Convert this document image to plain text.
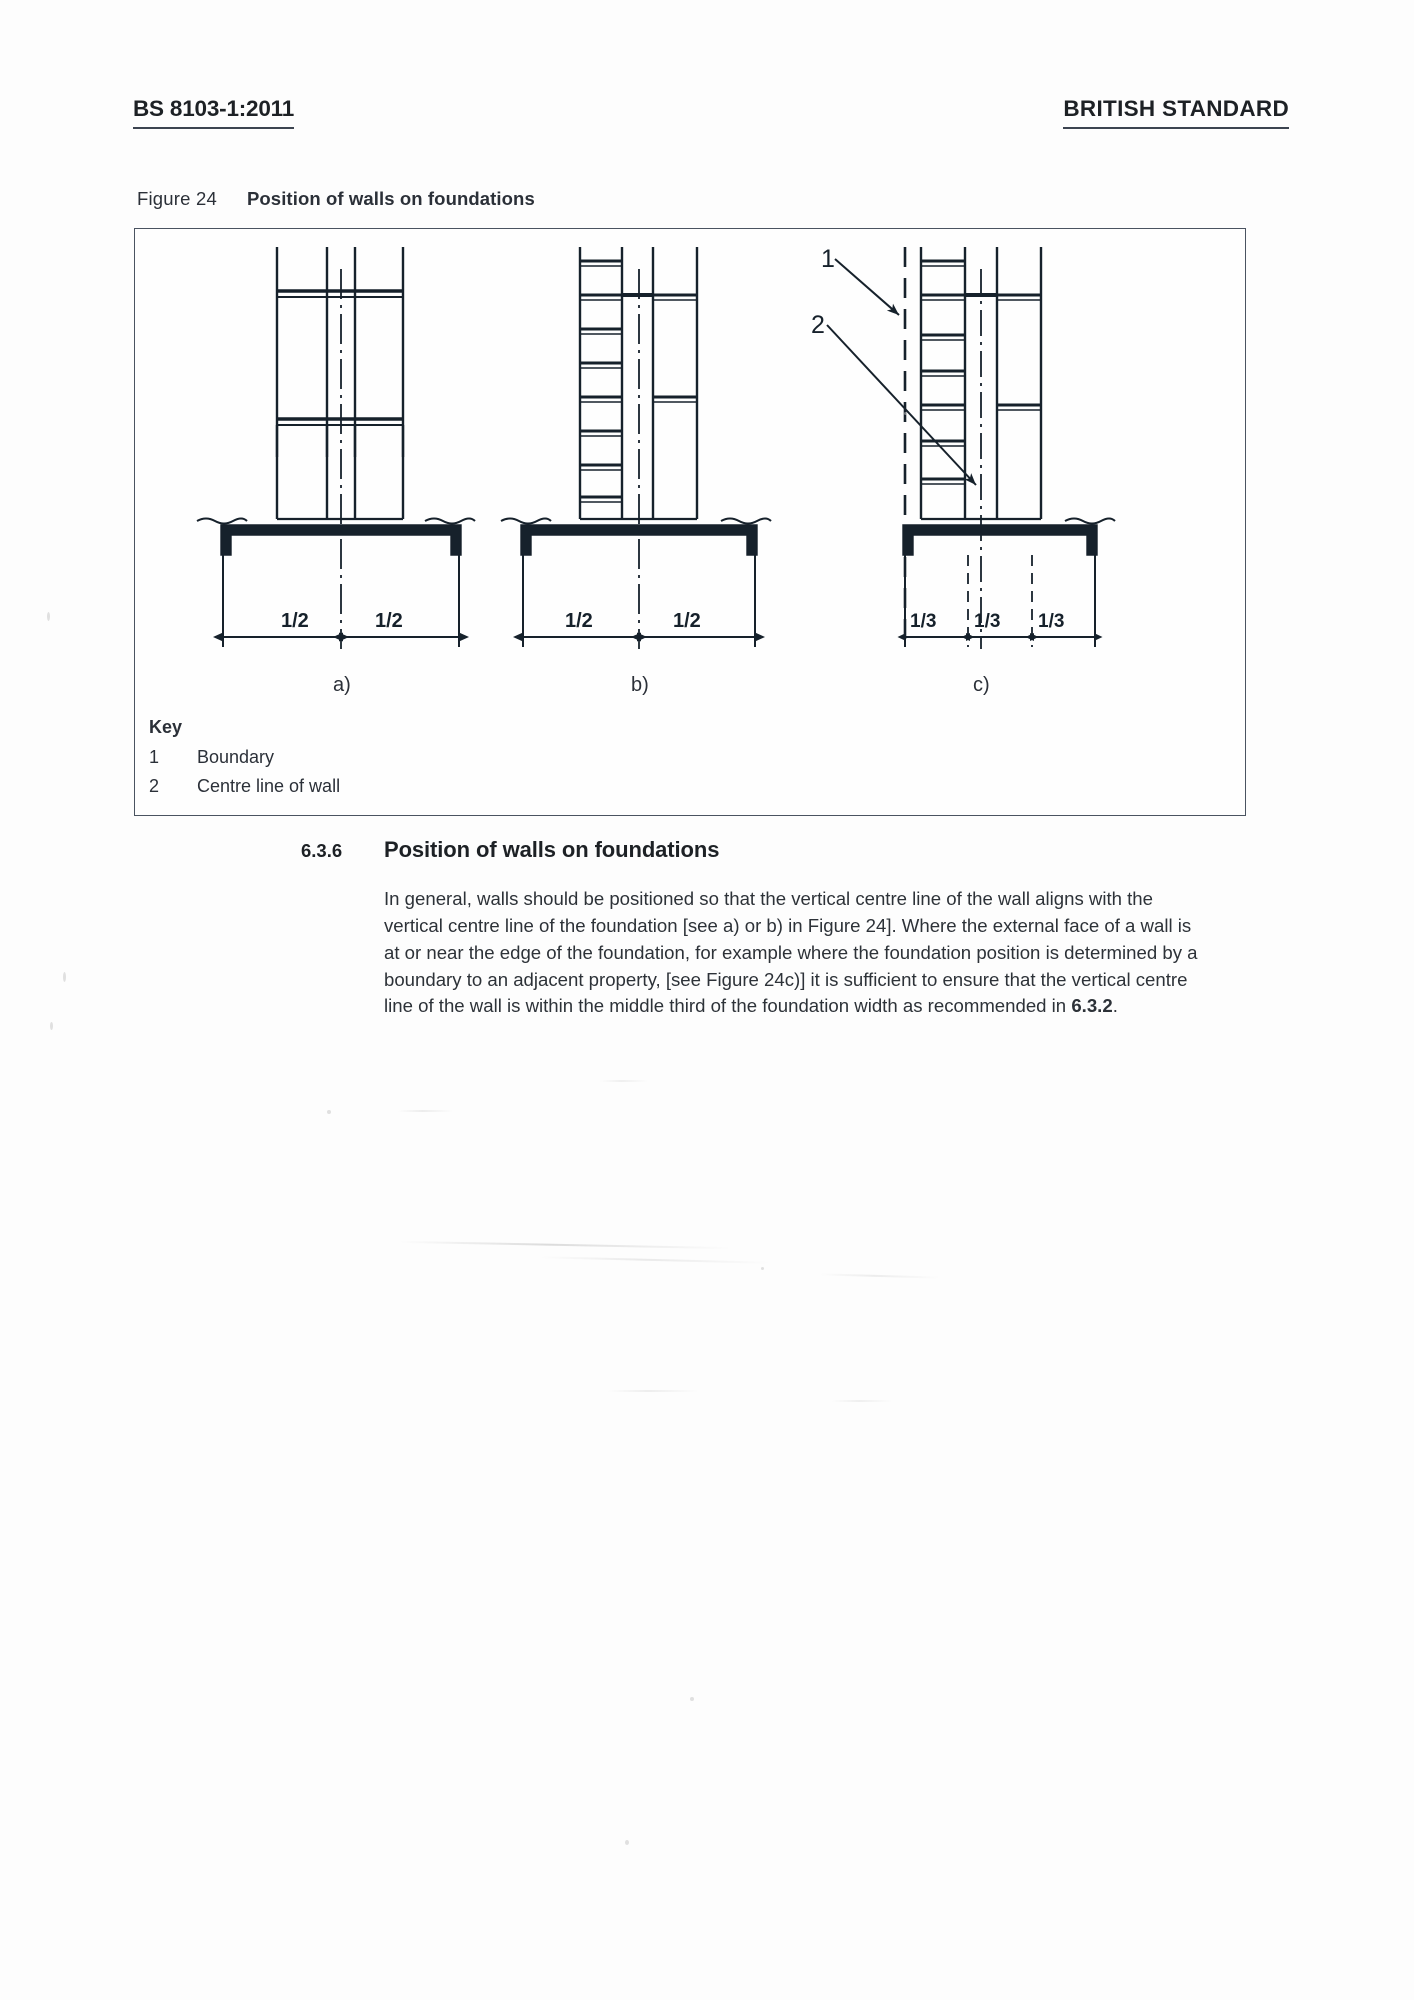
BS 8103-1:2011	BRITISH STANDARD
Figure 24 Position of walls on foundations
1/2	1/2	1/2	1/2	1/3 1/3 1/3
1
2
a)	b)	c)
Key
1 Boundary
2 Centre line of wall
6.3.6 Position of walls on foundations
In general, walls should be positioned so that the vertical centre line of the wall aligns with the vertical centre line of the foundation [see a) or b) in Figure 24]. Where the external face of a wall is at or near the edge of the foundation, for example where the foundation position is determined by a boundary to an adjacent property, [see Figure 24c)] it is sufficient to ensure that the vertical centre line of the wall is within the middle third of the foundation width as recommended in 6.3.2.
